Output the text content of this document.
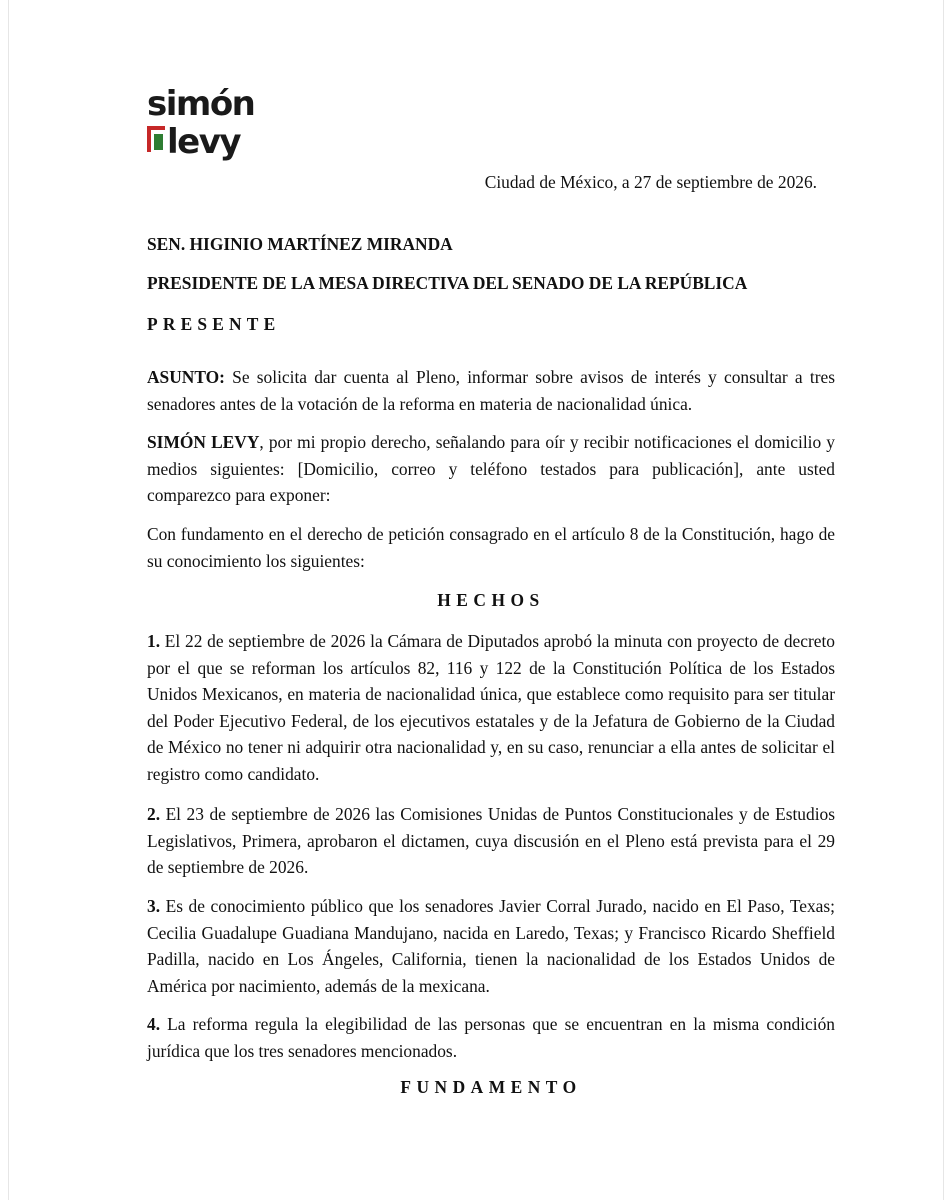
simón
levy
Ciudad de México, a 27 de septiembre de 2026.
SEN. HIGINIO MARTÍNEZ MIRANDA
PRESIDENTE DE LA MESA DIRECTIVA DEL SENADO DE LA REPÚBLICA
PRESENTE
ASUNTO: Se solicita dar cuenta al Pleno, informar sobre avisos de interés y consultar a tres senadores antes de la votación de la reforma en materia de nacionalidad única.
SIMÓN LEVY, por mi propio derecho, señalando para oír y recibir notificaciones el domicilio y medios siguientes: [Domicilio, correo y teléfono testados para publicación], ante usted comparezco para exponer:
Con fundamento en el derecho de petición consagrado en el artículo 8 de la Constitución, hago de su conocimiento los siguientes:
HECHOS
1. El 22 de septiembre de 2026 la Cámara de Diputados aprobó la minuta con proyecto de decreto por el que se reforman los artículos 82, 116 y 122 de la Constitución Política de los Estados Unidos Mexicanos, en materia de nacionalidad única, que establece como requisito para ser titular del Poder Ejecutivo Federal, de los ejecutivos estatales y de la Jefatura de Gobierno de la Ciudad de México no tener ni adquirir otra nacionalidad y, en su caso, renunciar a ella antes de solicitar el registro como candidato.
2. El 23 de septiembre de 2026 las Comisiones Unidas de Puntos Constitucionales y de Estudios Legislativos, Primera, aprobaron el dictamen, cuya discusión en el Pleno está prevista para el 29 de septiembre de 2026.
3. Es de conocimiento público que los senadores Javier Corral Jurado, nacido en El Paso, Texas; Cecilia Guadalupe Guadiana Mandujano, nacida en Laredo, Texas; y Francisco Ricardo Sheffield Padilla, nacido en Los Ángeles, California, tienen la nacionalidad de los Estados Unidos de América por nacimiento, además de la mexicana.
4. La reforma regula la elegibilidad de las personas que se encuentran en la misma condición jurídica que los tres senadores mencionados.
FUNDAMENTO
